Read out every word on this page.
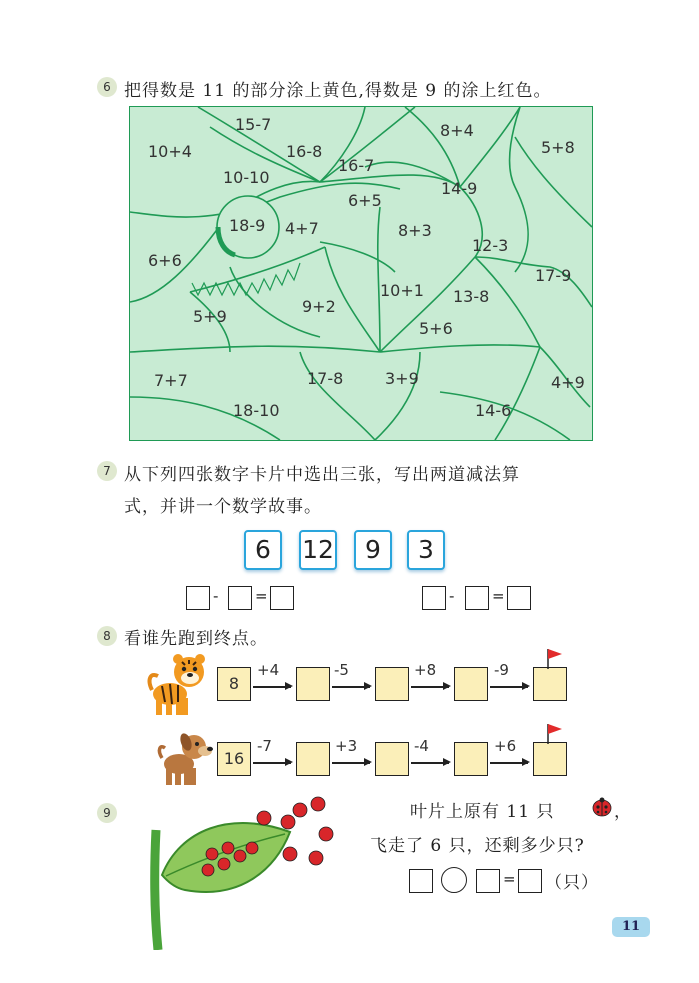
6 把得数是 11 的部分涂上黄色,得数是 9 的涂上红色。
15-7
10+4	16-8
10-10
16-7
8+4
5+8
6+5
14-9
18-9 4+7	8+3
12-3
6+6
17-9
10+1 13-8
9+2
5+9
5+6
7+7	17-8	3+9	4+9
18-10	14-6
7 从下列四张数字卡片中选出三张，写出两道减法算
式，并讲一个数学故事。
6	12	9	3
- =	-	=
8 看谁先跑到终点。
8
+4	-5	+8	-9
16
-7	+3	-4	+6
9	叶片上原有 11 只	，
飞走了 6 只，还剩多少只?
= （只）
11
